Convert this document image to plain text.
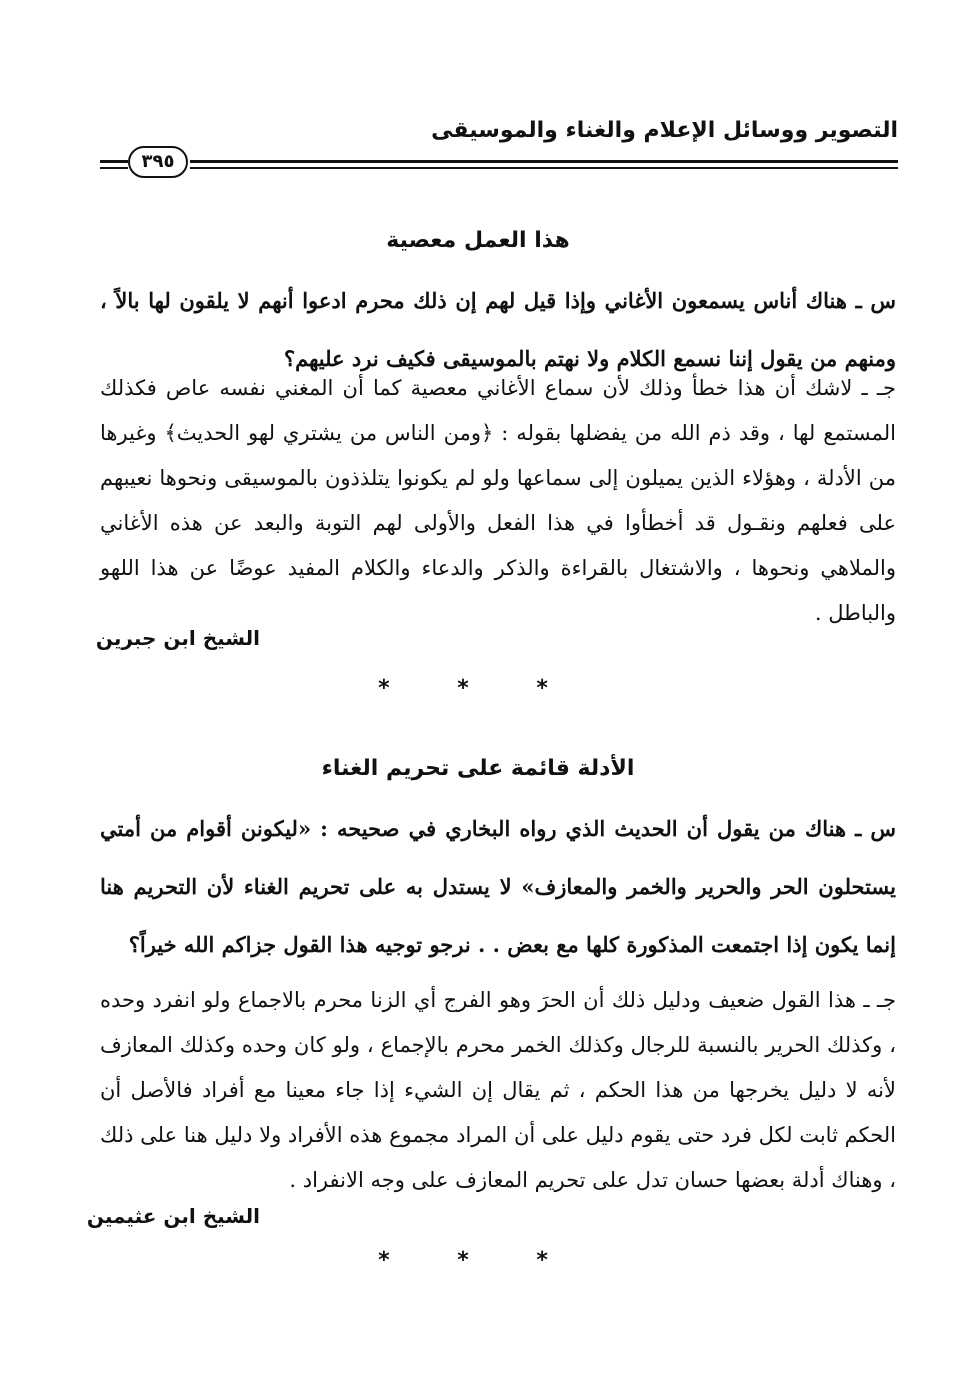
التصوير ووسائل الإعلام والغناء والموسيقى
٣٩٥
هذا العمل معصية
س ـ هناك أناس يسمعون الأغاني وإذا قيل لهم إن ذلك محرم ادعوا أنهم لا يلقون لها بالاً ، ومنهم من يقول إننا نسمع الكلام ولا نهتم بالموسيقى فكيف نرد عليهم؟
جـ ـ لاشك أن هذا خطأ وذلك لأن سماع الأغاني معصية كما أن المغني نفسه عاص فكذلك المستمع لها ، وقد ذم الله من يفضلها بقوله : ﴿ومن الناس من يشتري لهو الحديث﴾ وغيرها من الأدلة ، وهؤلاء الذين يميلون إلى سماعها ولو لم يكونوا يتلذذون بالموسيقى ونحوها نعيبهم على فعلهم ونقـول قد أخطأوا في هذا الفعل والأولى لهم التوبة والبعد عن هذه الأغاني والملاهي ونحوها ، والاشتغال بالقراءة والذكر والدعاء والكلام المفيد عوضًا عن هذا اللهو والباطل .
الشيخ ابن جبرين
* * *
الأدلة قائمة على تحريم الغناء
س ـ هناك من يقول أن الحديث الذي رواه البخاري في صحيحه : «ليكونن أقوام من أمتي يستحلون الحر والحرير والخمر والمعازف» لا يستدل به على تحريم الغناء لأن التحريم هنا إنما يكون إذا اجتمعت المذكورة كلها مع بعض . . نرجو توجيه هذا القول جزاكم الله خيراً؟
جـ ـ هذا القول ضعيف ودليل ذلك أن الحرَ وهو الفرج أي الزنا محرم بالاجماع ولو انفرد وحده ، وكذلك الحرير بالنسبة للرجال وكذلك الخمر محرم بالإجماع ، ولو كان وحده وكذلك المعازف لأنه لا دليل يخرجها من هذا الحكم ، ثم يقال إن الشيء إذا جاء معينا مع أفراد فالأصل أن الحكم ثابت لكل فرد حتى يقوم دليل على أن المراد مجموع هذه الأفراد ولا دليل هنا على ذلك ، وهناك أدلة بعضها حسان تدل على تحريم المعازف على وجه الانفراد .
الشيخ ابن عثيمين
* * *
